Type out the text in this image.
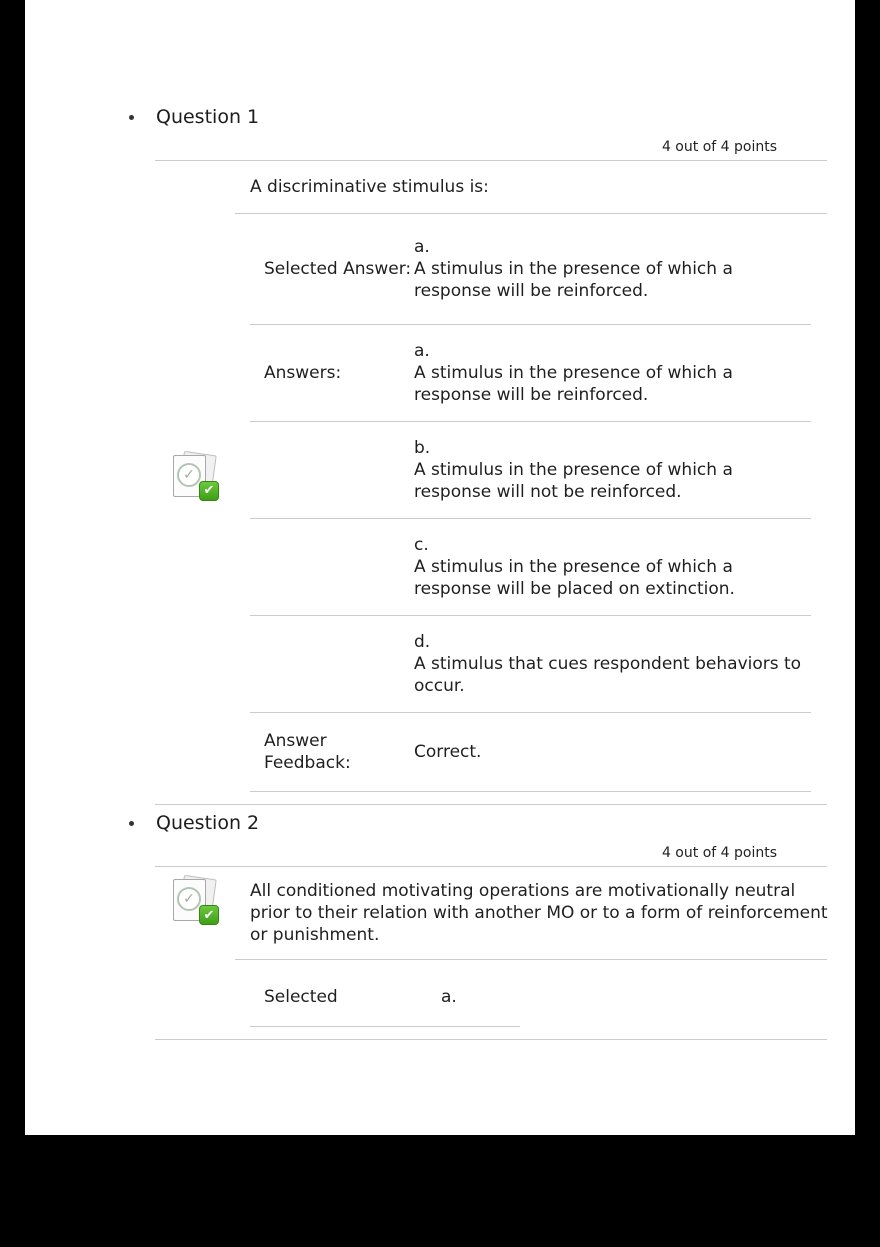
Question 1
4 out of 4 points
✓
✔
A discriminative stimulus is:
Selected Answer:
a.
A stimulus in the presence of which a response will be reinforced.
Answers:
a.
A stimulus in the presence of which a response will be reinforced.
b.
A stimulus in the presence of which a response will not be reinforced.
c.
A stimulus in the presence of which a response will be placed on extinction.
d.
A stimulus that cues respondent behaviors to occur.
Answer Feedback:
Correct.
Question 2
4 out of 4 points
✓
✔
All conditioned motivating operations are motivationally neutral prior to their relation with another MO or to a form of reinforcement or punishment.
Selected	a.
